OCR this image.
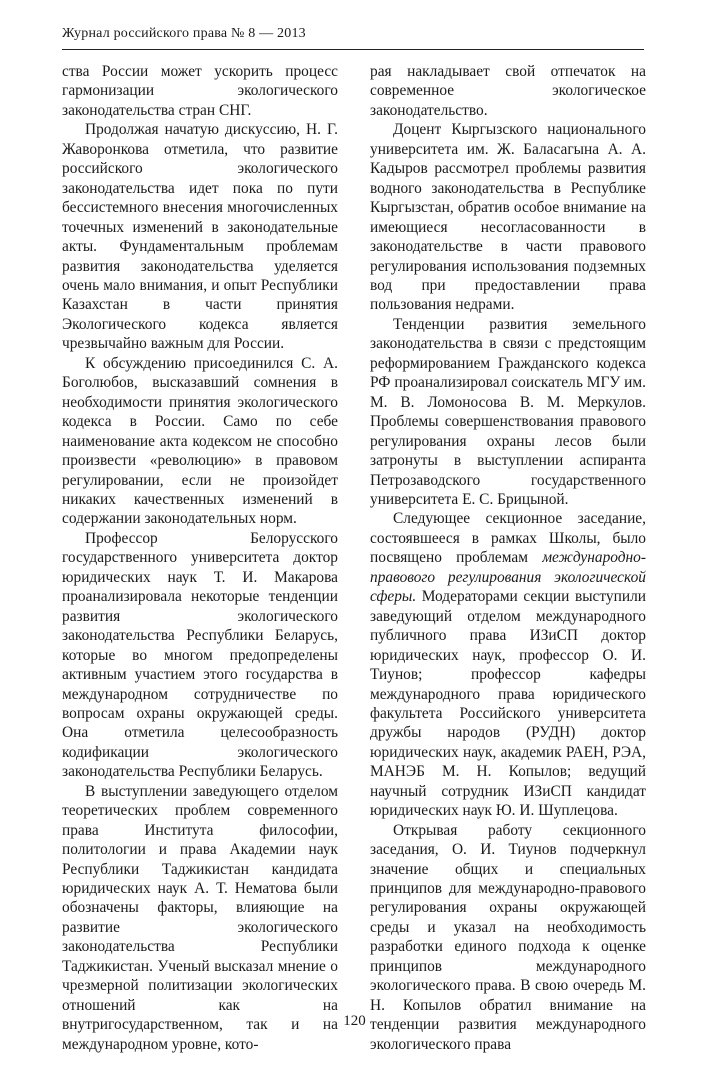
Журнал российского права № 8 — 2013

ства России может ускорить процесс гармонизации экологического законодательства стран СНГ.

Продолжая начатую дискуссию, Н. Г. Жаворонкова отметила, что развитие российского экологического законодательства идет пока по пути бессистемного внесения многочисленных точечных изменений в законодательные акты. Фундаментальным проблемам развития законодательства уделяется очень мало внимания, и опыт Республики Казахстан в части принятия Экологического кодекса является чрезвычайно важным для России.

К обсуждению присоединился С. А. Боголюбов, высказавший сомнения в необходимости принятия экологического кодекса в России. Само по себе наименование акта кодексом не способно произвести «революцию» в правовом регулировании, если не произойдет никаких качественных изменений в содержании законодательных норм.

Профессор Белорусского государственного университета доктор юридических наук Т. И. Макарова проанализировала некоторые тенденции развития экологического законодательства Республики Беларусь, которые во многом предопределены активным участием этого государства в международном сотрудничестве по вопросам охраны окружающей среды. Она отметила целесообразность кодификации экологического законодательства Республики Беларусь.

В выступлении заведующего отделом теоретических проблем современного права Института философии, политологии и права Академии наук Республики Таджикистан кандидата юридических наук А. Т. Нематова были обозначены факторы, влияющие на развитие экологического законодательства Республики Таджикистан. Ученый высказал мнение о чрезмерной политизации экологических отношений как на внутригосударственном, так и на международном уровне, кото-

рая накладывает свой отпечаток на современное экологическое законодательство.

Доцент Кыргызского национального университета им. Ж. Баласагына А. А. Кадыров рассмотрел проблемы развития водного законодательства в Республике Кыргызстан, обратив особое внимание на имеющиеся несогласованности в законодательстве в части правового регулирования использования подземных вод при предоставлении права пользования недрами.

Тенденции развития земельного законодательства в связи с предстоящим реформированием Гражданского кодекса РФ проанализировал соискатель МГУ им. М. В. Ломоносова В. М. Меркулов. Проблемы совершенствования правового регулирования охраны лесов были затронуты в выступлении аспиранта Петрозаводского государственного университета Е. С. Брицыной.

Следующее секционное заседание, состоявшееся в рамках Школы, было посвящено проблемам международно-правового регулирования экологической сферы. Модераторами секции выступили заведующий отделом международного публичного права ИЗиСП доктор юридических наук, профессор О. И. Тиунов; профессор кафедры международного права юридического факультета Российского университета дружбы народов (РУДН) доктор юридических наук, академик РАЕН, РЭА, МАНЭБ М. Н. Копылов; ведущий научный сотрудник ИЗиСП кандидат юридических наук Ю. И. Шуплецова.

Открывая работу секционного заседания, О. И. Тиунов подчеркнул значение общих и специальных принципов для международно-правового регулирования охраны окружающей среды и указал на необходимость разработки единого подхода к оценке принципов международного экологического права. В свою очередь М. Н. Копылов обратил внимание на тенденции развития международного экологического права

120
